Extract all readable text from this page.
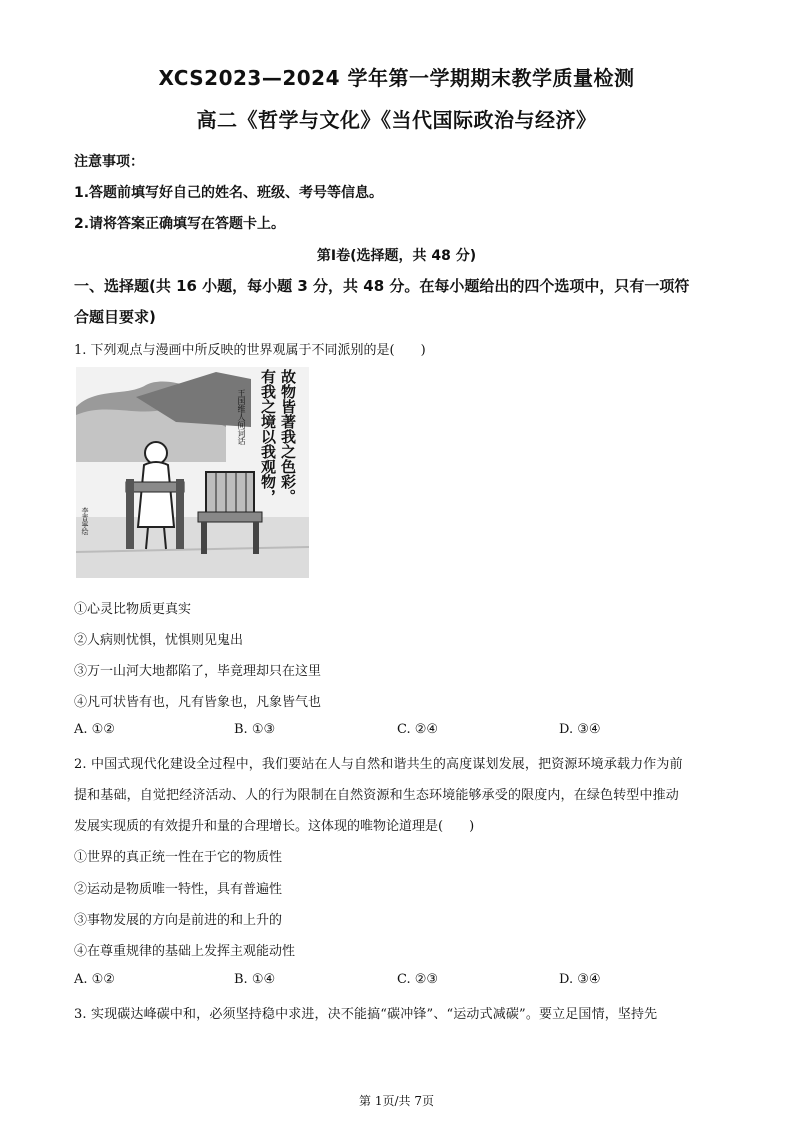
XCS2023—2024 学年第一学期期末教学质量检测
高二《哲学与文化》《当代国际政治与经济》
注意事项：
1.答题前填写好自己的姓名、班级、考号等信息。
2.请将答案正确填写在答题卡上。
第Ⅰ卷(选择题，共 48 分)
一、选择题(共 16 小题，每小题 3 分，共 48 分。在每小题给出的四个选项中，只有一项符
合题目要求)
1. 下列观点与漫画中所反映的世界观属于不同派别的是(　　)
有我之境以我观物， 故物皆著我之色彩。
王国维人间词话
李晋寧绘
①心灵比物质更真实
②人病则忧惧，忧惧则见鬼出
③万一山河大地都陷了，毕竟理却只在这里
④凡可状皆有也，凡有皆象也，凡象皆气也
A. ①②	B. ①③	C. ②④	D. ③④
2. 中国式现代化建设全过程中，我们要站在人与自然和谐共生的高度谋划发展，把资源环境承载力作为前
提和基础，自觉把经济活动、人的行为限制在自然资源和生态环境能够承受的限度内，在绿色转型中推动
发展实现质的有效提升和量的合理增长。这体现的唯物论道理是(　　)
①世界的真正统一性在于它的物质性
②运动是物质唯一特性，具有普遍性
③事物发展的方向是前进的和上升的
④在尊重规律的基础上发挥主观能动性
A. ①②	B. ①④	C. ②③	D. ③④
3. 实现碳达峰碳中和，必须坚持稳中求进，决不能搞“碳冲锋”、“运动式减碳”。要立足国情，坚持先
第 1页/共 7页
